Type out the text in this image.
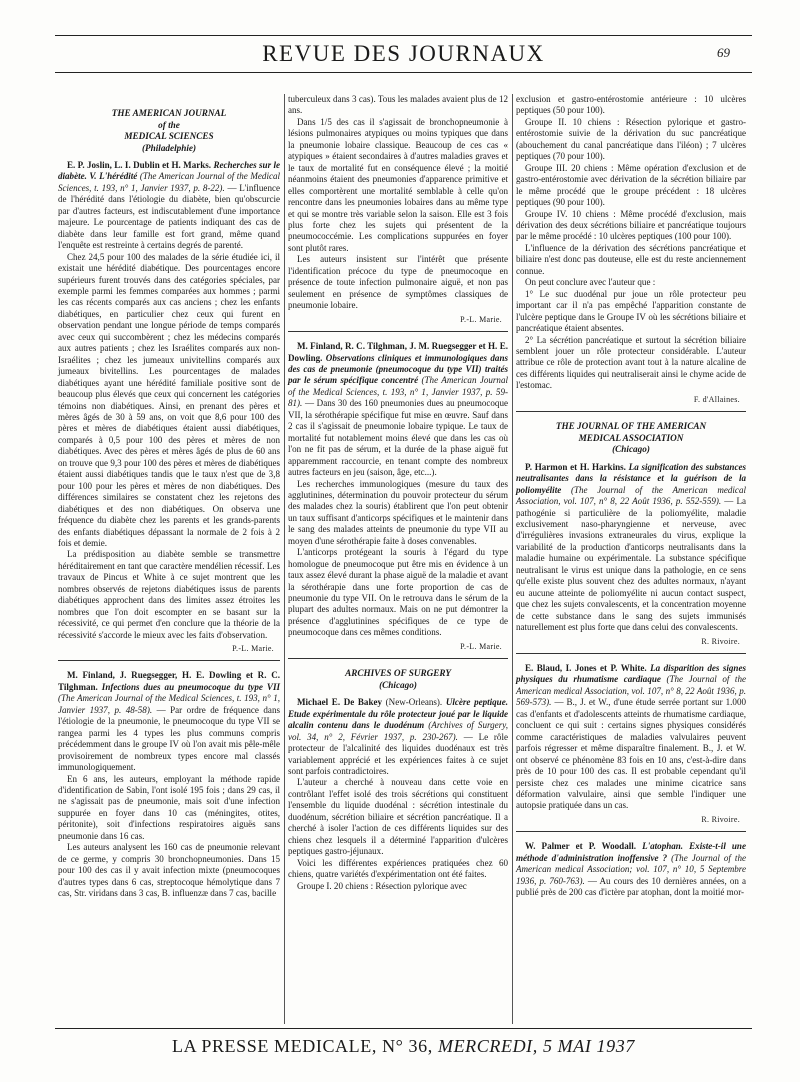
REVUE DES JOURNAUX	69
THE AMERICAN JOURNAL
of the
MEDICAL SCIENCES
(Philadelphie)

E. P. Joslin, L. I. Dublin et H. Marks. Recherches sur le diabète. V. L'hérédité (The American Journal of the Medical Sciences, t. 193, n° 1, Janvier 1937, p. 8-22). — L'influence de l'hérédité dans l'étiologie du diabète, bien qu'obscurcie par d'autres facteurs, est indiscutablement d'une importance majeure. Le pourcentage de patients indiquant des cas de diabète dans leur famille est fort grand, même quand l'enquête est restreinte à certains degrés de parenté.

Chez 24,5 pour 100 des malades de la série étudiée ici, il existait une hérédité diabétique. Des pourcentages encore supérieurs furent trouvés dans des catégories spéciales, par exemple parmi les femmes comparées aux hommes ; parmi les cas récents comparés aux cas anciens ; chez les enfants diabétiques, en particulier chez ceux qui furent en observation pendant une longue période de temps comparés avec ceux qui succombèrent ; chez les médecins comparés aux autres patients ; chez les Israélites comparés aux non-Israélites ; chez les jumeaux univitellins comparés aux jumeaux bivitellins. Les pourcentages de malades diabétiques ayant une hérédité familiale positive sont de beaucoup plus élevés que ceux qui concernent les catégories témoins non diabétiques. Ainsi, en prenant des pères et mères âgés de 30 à 59 ans, on voit que 8,6 pour 100 des pères et mères de diabétiques étaient aussi diabétiques, comparés à 0,5 pour 100 des pères et mères de non diabétiques. Avec des pères et mères âgés de plus de 60 ans on trouve que 9,3 pour 100 des pères et mères de diabétiques étaient aussi diabétiques tandis que le taux n'est que de 3,8 pour 100 pour les pères et mères de non diabétiques. Des différences similaires se constatent chez les rejetons des diabétiques et des non diabétiques. On observa une fréquence du diabète chez les parents et les grands-parents des enfants diabétiques dépassant la normale de 2 fois à 2 fois et demie.

La prédisposition au diabète semble se transmettre héréditairement en tant que caractère mendélien récessif. Les travaux de Pincus et White à ce sujet montrent que les nombres observés de rejetons diabétiques issus de parents diabétiques approchent dans des limites assez étroites les nombres que l'on doit escompter en se basant sur la récessivité, ce qui permet d'en conclure que la théorie de la récessivité s'accorde le mieux avec les faits d'observation.

P.-L. Marie.

M. Finland, J. Ruegsegger, H. E. Dowling et R. C. Tilghman. Infections dues au pneumocoque du type VII (The American Journal of the Medical Sciences, t. 193, n° 1, Janvier 1937, p. 48-58). — Par ordre de fréquence dans l'étiologie de la pneumonie, le pneumocoque du type VII se rangea parmi les 4 types les plus communs compris précédemment dans le groupe IV où l'on avait mis pêle-mêle provisoirement de nombreux types encore mal classés immunologiquement.

En 6 ans, les auteurs, employant la méthode rapide d'identification de Sabin, l'ont isolé 195 fois ; dans 29 cas, il ne s'agissait pas de pneumonie, mais soit d'une infection suppurée en foyer dans 10 cas (méningites, otites, péritonite), soit d'infections respiratoires aiguës sans pneumonie dans 16 cas.

Les auteurs analysent les 160 cas de pneumonie relevant de ce germe, y compris 30 bronchopneumonies. Dans 15 pour 100 des cas il y avait infection mixte (pneumocoques d'autres types dans 6 cas, streptocoque hémolytique dans 7 cas, Str. viridans dans 3 cas, B. influenzæ dans 7 cas, bacille

tuberculeux dans 3 cas). Tous les malades avaient plus de 12 ans.

Dans 1/5 des cas il s'agissait de bronchopneumonie à lésions pulmonaires atypiques ou moins typiques que dans la pneumonie lobaire classique. Beaucoup de ces cas « atypiques » étaient secondaires à d'autres maladies graves et le taux de mortalité fut en conséquence élevé ; la moitié néanmoins étaient des pneumonies d'apparence primitive et elles comportèrent une mortalité semblable à celle qu'on rencontre dans les pneumonies lobaires dans au même type et qui se montre très variable selon la saison. Elle est 3 fois plus forte chez les sujets qui présentent de la pneumococcémie. Les complications suppurées en foyer sont plutôt rares.

Les auteurs insistent sur l'intérêt que présente l'identification précoce du type de pneumocoque en présence de toute infection pulmonaire aiguë, et non pas seulement en présence de symptômes classiques de pneumonie lobaire.

P.-L. Marie.

M. Finland, R. C. Tilghman, J. M. Ruegsegger et H. E. Dowling. Observations cliniques et immunologiques dans des cas de pneumonie (pneumocoque du type VII) traités par le sérum spécifique concentré (The American Journal of the Medical Sciences, t. 193, n° 1, Janvier 1937, p. 59-81). — Dans 30 des 160 pneumonies dues au pneumocoque VII, la sérothérapie spécifique fut mise en œuvre. Sauf dans 2 cas il s'agissait de pneumonie lobaire typique. Le taux de mortalité fut notablement moins élevé que dans les cas où l'on ne fit pas de sérum, et la durée de la phase aiguë fut apparemment raccourcie, en tenant compte des nombreux autres facteurs en jeu (saison, âge, etc...).

Les recherches immunologiques (mesure du taux des agglutinines, détermination du pouvoir protecteur du sérum des malades chez la souris) établirent que l'on peut obtenir un taux suffisant d'anticorps spécifiques et le maintenir dans le sang des malades atteints de pneumonie du type VII au moyen d'une sérothérapie faite à doses convenables.

L'anticorps protégeant la souris à l'égard du type homologue de pneumocoque put être mis en évidence à un taux assez élevé durant la phase aiguë de la maladie et avant la sérothérapie dans une forte proportion de cas de pneumonie du type VII. On le retrouva dans le sérum de la plupart des adultes normaux. Mais on ne put démontrer la présence d'agglutinines spécifiques de ce type de pneumocoque dans ces mêmes conditions.

P.-L. Marie.
ARCHIVES OF SURGERY
(Chicago)

Michael E. De Bakey (New-Orleans). Ulcère peptique. Etude expérimentale du rôle protecteur joué par le liquide alcalin contenu dans le duodénum (Archives of Surgery, vol. 34, n° 2, Février 1937, p. 230-267). — Le rôle protecteur de l'alcalinité des liquides duodénaux est très variablement apprécié et les expériences faites à ce sujet sont parfois contradictoires.

L'auteur a cherché à nouveau dans cette voie en contrôlant l'effet isolé des trois sécrétions qui constituent l'ensemble du liquide duodénal : sécrétion intestinale du duodénum, sécrétion biliaire et sécrétion pancréatique. Il a cherché à isoler l'action de ces différents liquides sur des chiens chez lesquels il a déterminé l'apparition d'ulcères peptiques gastro-jéjunaux.

Voici les différentes expériences pratiquées chez 60 chiens, quatre variétés d'expérimentation ont été faites.

Groupe I. 20 chiens : Résection pylorique avec

exclusion et gastro-entérostomie antérieure : 10 ulcères peptiques (50 pour 100).

Groupe II. 10 chiens : Résection pylorique et gastro-entérostomie suivie de la dérivation du suc pancréatique (abouchement du canal pancréatique dans l'iléon) ; 7 ulcères peptiques (70 pour 100).

Groupe III. 20 chiens : Même opération d'exclusion et de gastro-entérostomie avec dérivation de la sécrétion biliaire par le même procédé que le groupe précédent : 18 ulcères peptiques (90 pour 100).

Groupe IV. 10 chiens : Même procédé d'exclusion, mais dérivation des deux sécrétions biliaire et pancréatique toujours par le même procédé : 10 ulcères peptiques (100 pour 100).

L'influence de la dérivation des sécrétions pancréatique et biliaire n'est donc pas douteuse, elle est du reste anciennement connue.

On peut conclure avec l'auteur que :

1° Le suc duodénal pur joue un rôle protecteur peu important car il n'a pas empêché l'apparition constante de l'ulcère peptique dans le Groupe IV où les sécrétions biliaire et pancréatique étaient absentes.

2° La sécrétion pancréatique et surtout la sécrétion biliaire semblent jouer un rôle protecteur considérable. L'auteur attribue ce rôle de protection avant tout à la nature alcaline de ces différents liquides qui neutraliserait ainsi le chyme acide de l'estomac.

F. d'Allaines.
THE JOURNAL OF THE AMERICAN
MEDICAL ASSOCIATION
(Chicago)

P. Harmon et H. Harkins. La signification des substances neutralisantes dans la résistance et la guérison de la poliomyélite (The Journal of the American medical Association, vol. 107, n° 8, 22 Août 1936, p. 552-559). — La pathogénie si particulière de la poliomyélite, maladie exclusivement naso-pharyngienne et nerveuse, avec d'irrégulières invasions extraneurales du virus, explique la variabilité de la production d'anticorps neutralisants dans la maladie humaine ou expérimentale. La substance spécifique neutralisant le virus est unique dans la pathologie, en ce sens qu'elle existe plus souvent chez des adultes normaux, n'ayant eu aucune atteinte de poliomyélite ni aucun contact suspect, que chez les sujets convalescents, et la concentration moyenne de cette substance dans le sang des sujets immunisés naturellement est plus forte que dans celui des convalescents.

R. Rivoire.

E. Blaud, I. Jones et P. White. La disparition des signes physiques du rhumatisme cardiaque (The Journal of the American medical Association, vol. 107, n° 8, 22 Août 1936, p. 569-573). — B., J. et W., d'une étude serrée portant sur 1.000 cas d'enfants et d'adolescents atteints de rhumatisme cardiaque, concluent ce qui suit : certains signes physiques considérés comme caractéristiques de maladies valvulaires peuvent parfois régresser et même disparaître finalement. B., J. et W. ont observé ce phénomène 83 fois en 10 ans, c'est-à-dire dans près de 10 pour 100 des cas. Il est probable cependant qu'il persiste chez ces malades une minime cicatrice sans déformation valvulaire, ainsi que semble l'indiquer une autopsie pratiquée dans un cas.

R. Rivoire.

W. Palmer et P. Woodall. L'atophan. Existe-t-il une méthode d'administration inoffensive ? (The Journal of the American medical Association; vol. 107, n° 10, 5 Septembre 1936, p. 760-763). — Au cours des 10 dernières années, on a publié près de 200 cas d'ictère par atophan, dont la moitié mor-

LA PRESSE MEDICALE, N° 36, MERCREDI, 5 MAI 1937
